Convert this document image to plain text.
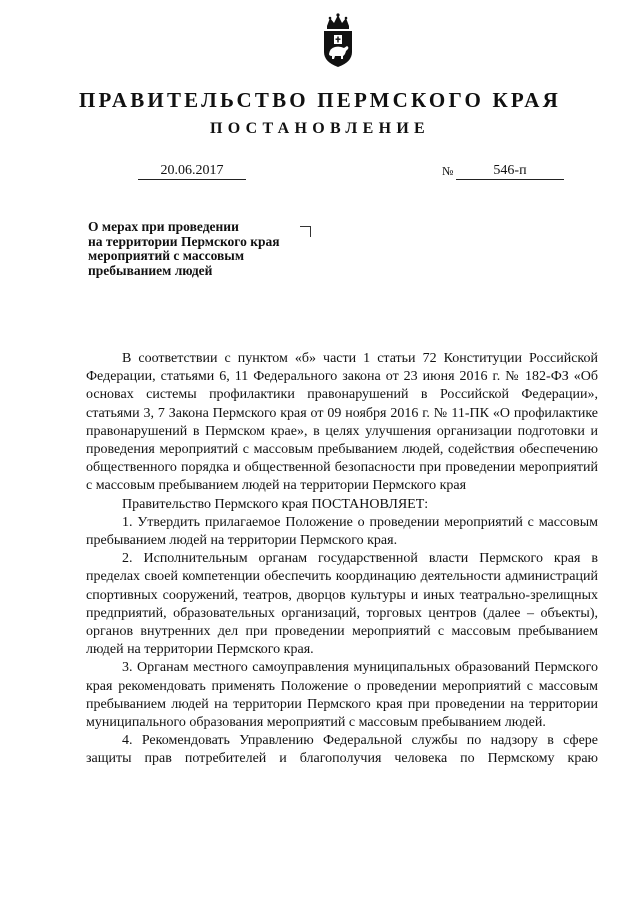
ПРАВИТЕЛЬСТВО ПЕРМСКОГО КРАЯ
ПОСТАНОВЛЕНИЕ
20.06.2017	№	546-п
О мерах при проведении
на территории Пермского края
мероприятий с массовым
пребыванием людей

В соответствии с пунктом «б» части 1 статьи 72 Конституции Российской Федерации, статьями 6, 11 Федерального закона от 23 июня 2016 г. № 182-ФЗ «Об основах системы профилактики правонарушений в Российской Федерации», статьями 3, 7 Закона Пермского края от 09 ноября 2016 г. № 11-ПК «О профилактике правонарушений в Пермском крае», в целях улучшения организации подготовки и проведения мероприятий с массовым пребыванием людей, содействия обеспечению общественного порядка и общественной безопасности при проведении мероприятий с массовым пребыванием людей на территории Пермского края

Правительство Пермского края ПОСТАНОВЛЯЕТ:

1. Утвердить прилагаемое Положение о проведении мероприятий с массовым пребыванием людей на территории Пермского края.

2. Исполнительным органам государственной власти Пермского края в пределах своей компетенции обеспечить координацию деятельности администраций спортивных сооружений, театров, дворцов культуры и иных театрально-зрелищных предприятий, образовательных организаций, торговых центров (далее – объекты), органов внутренних дел при проведении мероприятий с массовым пребыванием людей на территории Пермского края.

3. Органам местного самоуправления муниципальных образований Пермского края рекомендовать применять Положение о проведении мероприятий с массовым пребыванием людей на территории Пермского края при проведении на территории муниципального образования мероприятий с массовым пребыванием людей.

4. Рекомендовать Управлению Федеральной службы по надзору в сфере защиты прав потребителей и благополучия человека по Пермскому краю
